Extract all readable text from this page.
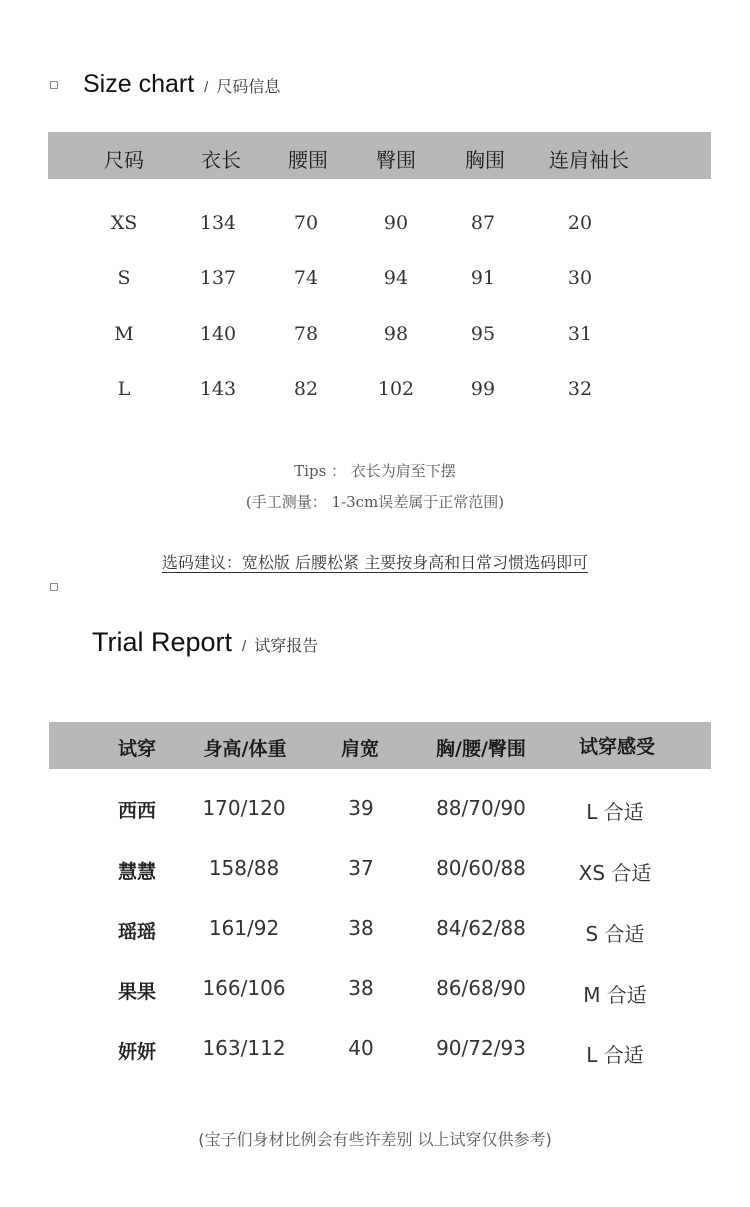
Size chart / 尺码信息
尺码	衣长 腰围 臀围 胸围 连肩袖长
XS	134	70	90	87	20
S	137	74	94	91	30
M	140	78	98	95	31
L	143	82	102	99	32
Tips ： 衣长为肩至下摆
(手工测量： 1-3cm误差属于正常范围)
选码建议：宽松版 后腰松紧 主要按身高和日常习惯选码即可
Trial Report / 试穿报告
试穿	身高/体重	肩宽	胸/腰/臀围	试穿感受
西西 170/120	39	88/70/90	L 合适
慧慧	158/88	37	80/60/88	XS 合适
瑶瑶	161/92	38	84/62/88	S 合适
果果 166/106	38	86/68/90	M 合适
妍妍 163/112	40	90/72/93	L 合适
(宝子们身材比例会有些许差别 以上试穿仅供参考)
